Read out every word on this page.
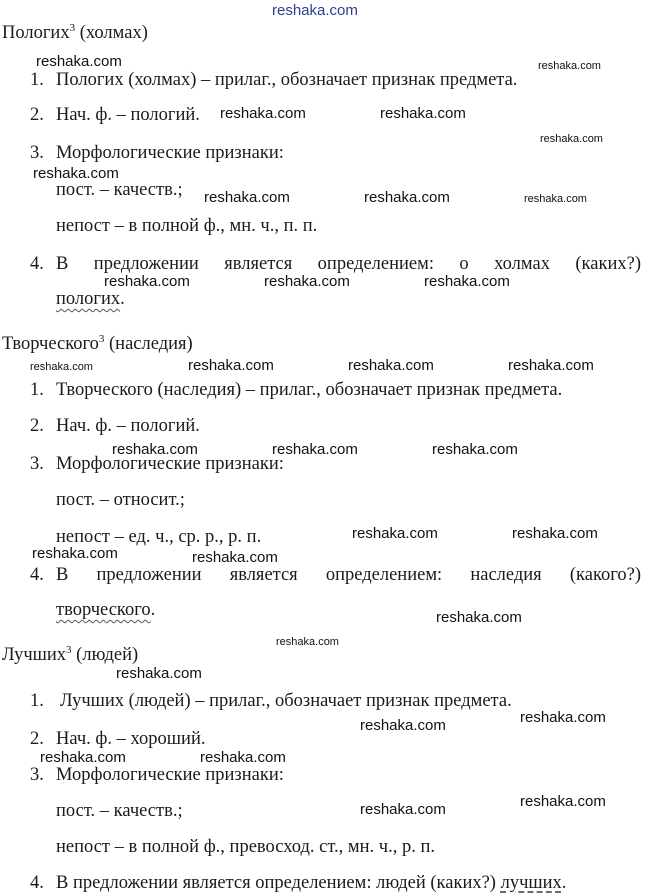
reshaka.com
Пологих$^3$ (холмах)
1. Пологих (холмах) – прилаг., обозначает признак предмета.
2. Нач. ф. – пологий.
3. Морфологические признаки:
пост. – качеств.;
непост – в полной ф., мн. ч., п. п.
4. В предложении является определением: о холмах (каких?)
пологих.
Творческого$^3$ (наследия)
1. Творческого (наследия) – прилаг., обозначает признак предмета.
2. Нач. ф. – пологий.
3. Морфологические признаки:
пост. – относит.;
непост – ед. ч., ср. р., р. п.
4. В предложении является определением: наследия (какого?)
творческого.
Лучших$^3$ (людей)
1. Лучших (людей) – прилаг., обозначает признак предмета.
2. Нач. ф. – хороший.
3. Морфологические признаки:
пост. – качеств.;
непост – в полной ф., превосход. ст., мн. ч., р. п.
4. В предложении является определением: людей (каких?) лучших.
reshaka.com	reshaka.com
reshaka.com	reshaka.com
reshaka.com
reshaka.com
reshaka.com	reshaka.com	reshaka.com
reshaka.com	reshaka.com	reshaka.com
reshaka.com	reshaka.com	reshaka.com	reshaka.com
reshaka.com	reshaka.com	reshaka.com
reshaka.com	reshaka.com
reshaka.com	reshaka.com
reshaka.com
reshaka.com
reshaka.com
reshaka.com
reshaka.com
reshaka.com	reshaka.com
reshaka.com
reshaka.com
